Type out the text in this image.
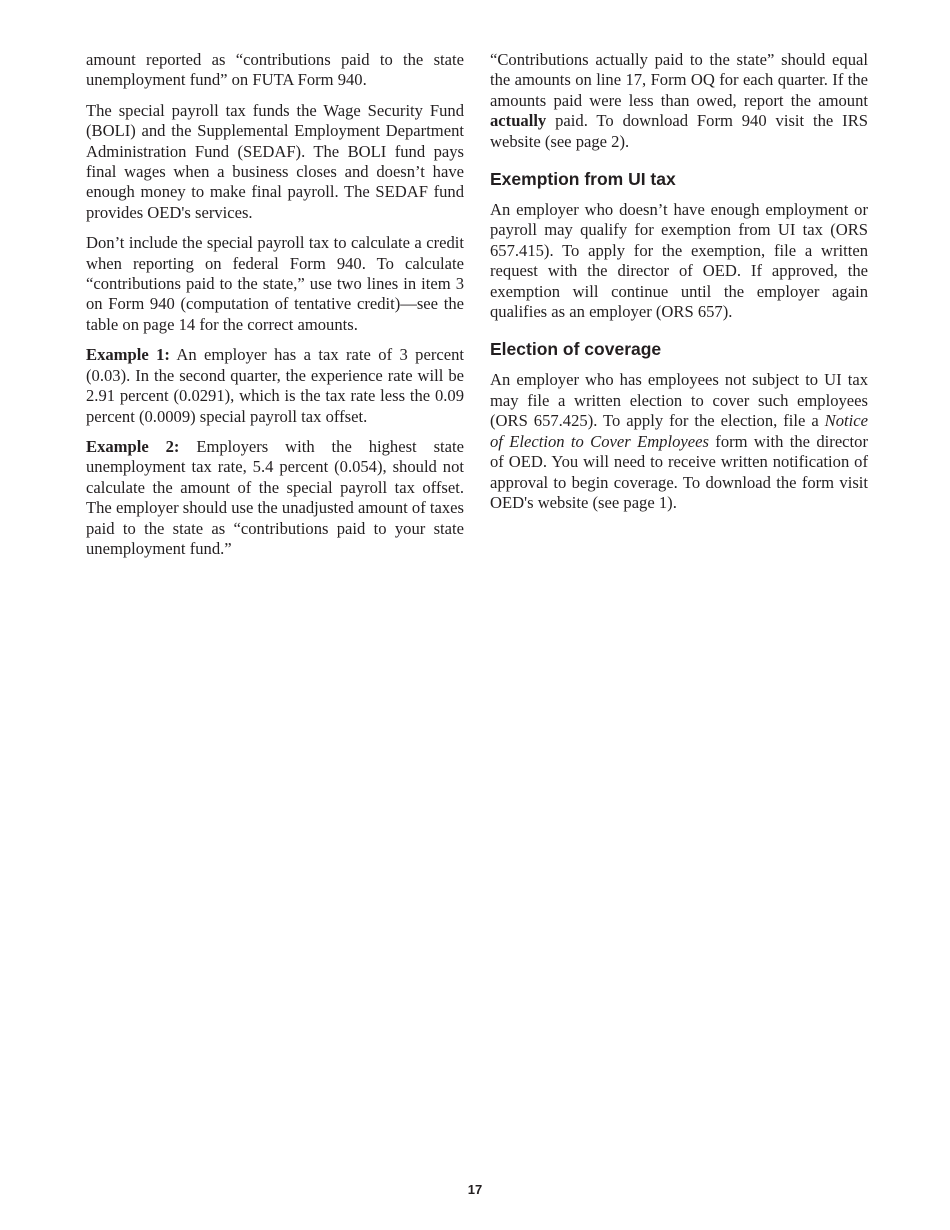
amount reported as “contributions paid to the state unemployment fund” on FUTA Form 940.

The special payroll tax funds the Wage Security Fund (BOLI) and the Supplemental Employment Department Administration Fund (SEDAF). The BOLI fund pays final wages when a business closes and doesn’t have enough money to make final payroll. The SEDAF fund provides OED's services.

Don’t include the special payroll tax to calculate a credit when reporting on federal Form 940. To calculate “contributions paid to the state,” use two lines in item 3 on Form 940 (computation of tentative credit)—see the table on page 14 for the correct amounts.

Example 1: An employer has a tax rate of 3 percent (0.03). In the second quarter, the experience rate will be 2.91 percent (0.0291), which is the tax rate less the 0.09 percent (0.0009) special payroll tax offset.

Example 2: Employers with the highest state unemployment tax rate, 5.4 percent (0.054), should not calculate the amount of the special payroll tax offset. The employer should use the unadjusted amount of taxes paid to the state as “contributions paid to your state unemployment fund.”

“Contributions actually paid to the state” should equal the amounts on line 17, Form OQ for each quarter. If the amounts paid were less than owed, report the amount actually paid. To download Form 940 visit the IRS website (see page 2).

Exemption from UI tax

An employer who doesn’t have enough employment or payroll may qualify for exemption from UI tax (ORS 657.415). To apply for the exemption, file a written request with the director of OED. If approved, the exemption will continue until the employer again qualifies as an employer (ORS 657).

Election of coverage

An employer who has employees not subject to UI tax may file a written election to cover such employees (ORS 657.425). To apply for the election, file a Notice of Election to Cover Employees form with the director of OED. You will need to receive written notification of approval to begin coverage. To download the form visit OED's website (see page 1).

17
